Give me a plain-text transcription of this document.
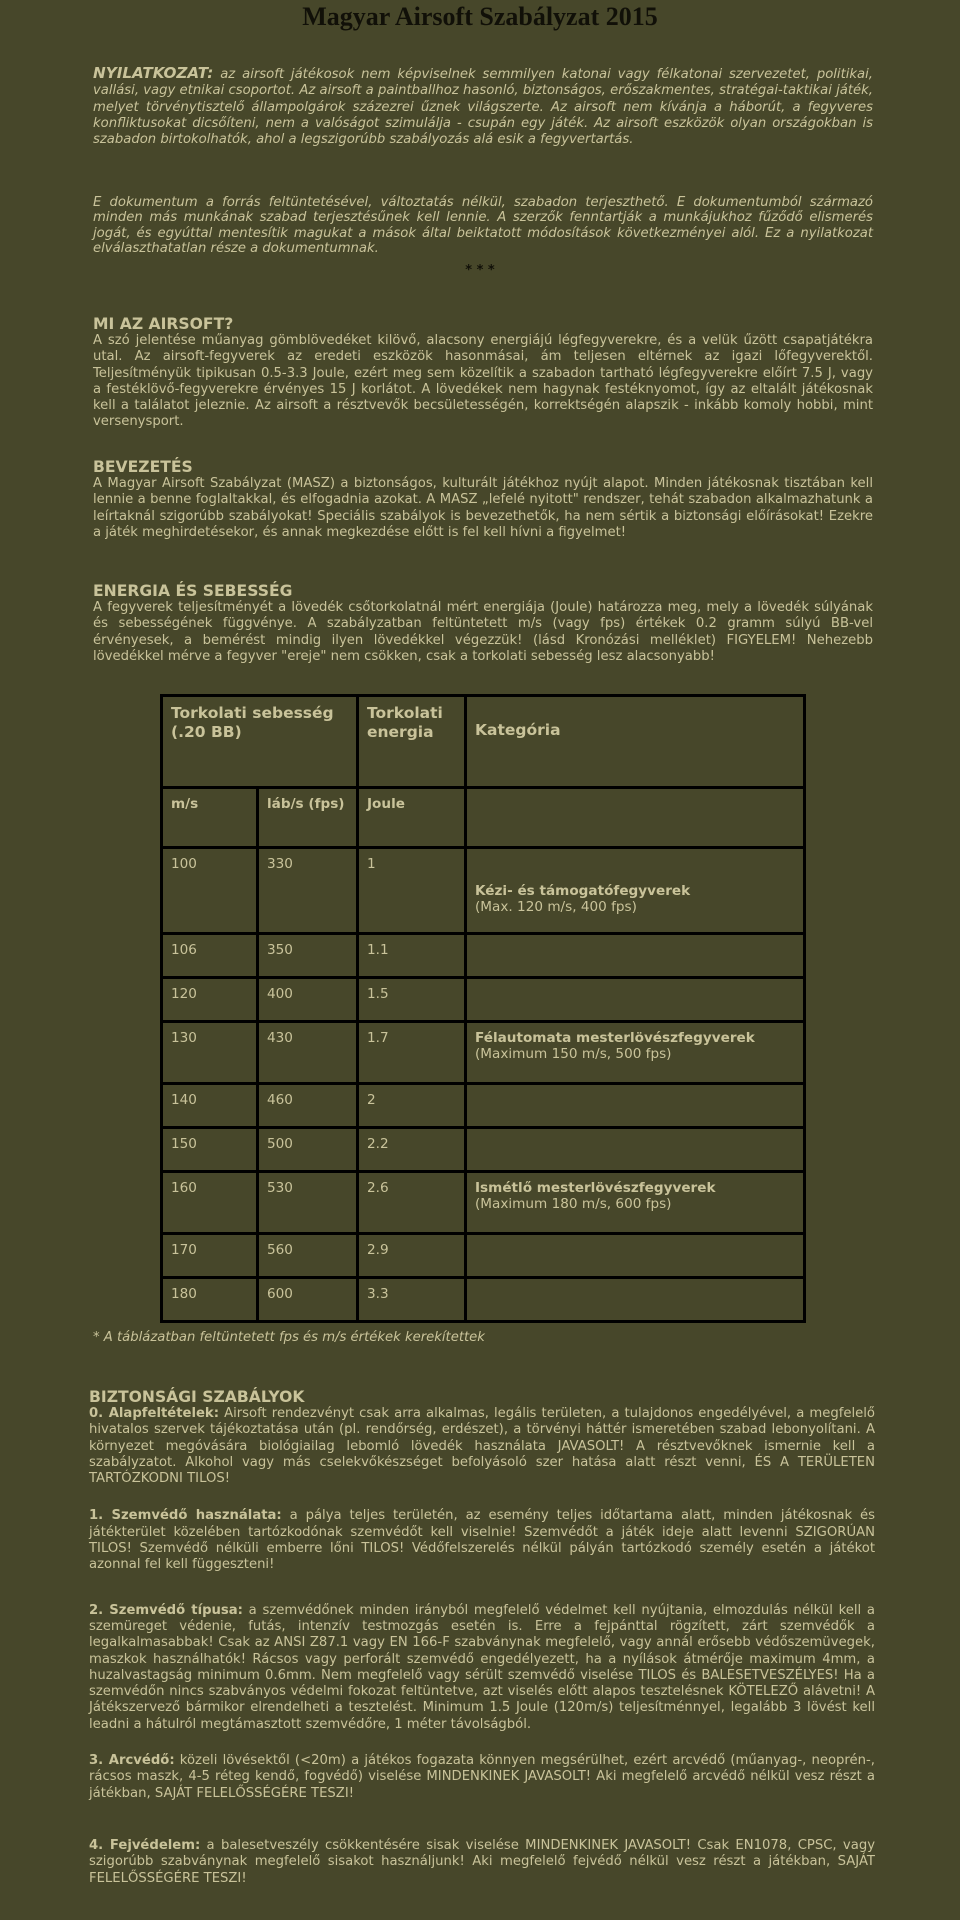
Magyar Airsoft Szabályzat 2015
NYILATKOZAT: az airsoft játékosok nem képviselnek semmilyen katonai vagy félkatonai szervezetet, politikai, vallási, vagy etnikai csoportot. Az airsoft a paintballhoz hasonló, biztonságos, erőszakmentes, stratégai-taktikai játék, melyet törvénytisztelő állampolgárok százezrei űznek világszerte. Az airsoft nem kívánja a háborút, a fegyveres konfliktusokat dicsőíteni, nem a valóságot szimulálja - csupán egy játék. Az airsoft eszközök olyan országokban is szabadon birtokolhatók, ahol a legszigorúbb szabályozás alá esik a fegyvertartás.
E dokumentum a forrás feltüntetésével, változtatás nélkül, szabadon terjeszthető. E dokumentumból származó minden más munkának szabad terjesztésűnek kell lennie. A szerzők fenntartják a munkájukhoz fűződő elismerés jogát, és egyúttal mentesítik magukat a mások által beiktatott módosítások következményei alól. Ez a nyilatkozat elválaszthatatlan része a dokumentumnak.
* * *
MI AZ AIRSOFT?

A szó jelentése műanyag gömblövedéket kilövő, alacsony energiájú légfegyverekre, és a velük űzött csapatjátékra utal. Az airsoft-fegyverek az eredeti eszközök hasonmásai, ám teljesen eltérnek az igazi lőfegyverektől. Teljesítményük tipikusan 0.5-3.3 Joule, ezért meg sem közelítik a szabadon tartható légfegyverekre előírt 7.5 J, vagy a festéklövő-fegyverekre érvényes 15 J korlátot. A lövedékek nem hagynak festéknyomot, így az eltalált játékosnak kell a találatot jeleznie. Az airsoft a résztvevők becsületességén, korrektségén alapszik - inkább komoly hobbi, mint versenysport.

BEVEZETÉS

A Magyar Airsoft Szabályzat (MASZ) a biztonságos, kulturált játékhoz nyújt alapot. Minden játékosnak tisztában kell lennie a benne foglaltakkal, és elfogadnia azokat. A MASZ „lefelé nyitott" rendszer, tehát szabadon alkalmazhatunk a leírtaknál szigorúbb szabályokat! Speciális szabályok is bevezethetők, ha nem sértik a biztonsági előírásokat! Ezekre a játék meghirdetésekor, és annak megkezdése előtt is fel kell hívni a figyelmet!

ENERGIA ÉS SEBESSÉG

A fegyverek teljesítményét a lövedék csőtorkolatnál mért energiája (Joule) határozza meg, mely a lövedék súlyának és sebességének függvénye. A szabályzatban feltüntetett m/s (vagy fps) értékek 0.2 gramm súlyú BB-vel érvényesek, a bemérést mindig ilyen lövedékkel végezzük! (lásd Kronózási melléklet) FIGYELEM! Nehezebb lövedékkel mérve a fegyver "ereje" nem csökken, csak a torkolati sebesség lesz alacsonyabb!

Torkolati sebesség (.20 BB)		Torkolati energia	Kategória
m/s	láb/s (fps)	Joule	
100	330	1	Kézi- és támogatófegyverek
(Max. 120 m/s, 400 fps)

106	350	1.1	
120	400	1.5	
130	430	1.7	Félautomata mesterlövészfegyverek
(Maximum 150 m/s, 500 fps)

140	460	2	
150	500	2.2	
160	530	2.6	Ismétlő mesterlövészfegyverek
(Maximum 180 m/s, 600 fps)

170	560	2.9	
180	600	3.3	
* A táblázatban feltüntetett fps és m/s értékek kerekítettek
BIZTONSÁGI SZABÁLYOK

0. Alapfeltételek: Airsoft rendezvényt csak arra alkalmas, legális területen, a tulajdonos engedélyével, a megfelelő hivatalos szervek tájékoztatása után (pl. rendőrség, erdészet), a törvényi háttér ismeretében szabad lebonyolítani. A környezet megóvására biológiailag lebomló lövedék használata JAVASOLT! A résztvevőknek ismernie kell a szabályzatot. Alkohol vagy más cselekvőkészséget befolyásoló szer hatása alatt részt venni, ÉS A TERÜLETEN TARTÓZKODNI TILOS!

1. Szemvédő használata: a pálya teljes területén, az esemény teljes időtartama alatt, minden játékosnak és játékterület közelében tartózkodónak szemvédőt kell viselnie! Szemvédőt a játék ideje alatt levenni SZIGORÚAN TILOS! Szemvédő nélküli emberre lőni TILOS! Védőfelszerelés nélkül pályán tartózkodó személy esetén a játékot azonnal fel kell függeszteni!

2. Szemvédő típusa: a szemvédőnek minden irányból megfelelő védelmet kell nyújtania, elmozdulás nélkül kell a szemüreget védenie, futás, intenzív testmozgás esetén is. Erre a fejpánttal rögzített, zárt szemvédők a legalkalmasabbak! Csak az ANSI Z87.1 vagy EN 166-F szabványnak megfelelő, vagy annál erősebb védőszemüvegek, maszkok használhatók! Rácsos vagy perforált szemvédő engedélyezett, ha a nyílások átmérője maximum 4mm, a huzalvastagság minimum 0.6mm. Nem megfelelő vagy sérült szemvédő viselése TILOS és BALESETVESZÉLYES! Ha a szemvédőn nincs szabványos védelmi fokozat feltüntetve, azt viselés előtt alapos tesztelésnek KÖTELEZŐ alávetni! A Játékszervező bármikor elrendelheti a tesztelést. Minimum 1.5 Joule (120m/s) teljesítménnyel, legalább 3 lövést kell leadni a hátulról megtámasztott szemvédőre, 1 méter távolságból.

3. Arcvédő: közeli lövésektől (<20m) a játékos fogazata könnyen megsérülhet, ezért arcvédő (műanyag-, neoprén-, rácsos maszk, 4-5 réteg kendő, fogvédő) viselése MINDENKINEK JAVASOLT! Aki megfelelő arcvédő nélkül vesz részt a játékban, SAJÁT FELELŐSSÉGÉRE TESZI!

4. Fejvédelem: a balesetveszély csökkentésére sisak viselése MINDENKINEK JAVASOLT! Csak EN1078, CPSC, vagy szigorúbb szabványnak megfelelő sisakot használjunk! Aki megfelelő fejvédő nélkül vesz részt a játékban, SAJÁT FELELŐSSÉGÉRE TESZI!
